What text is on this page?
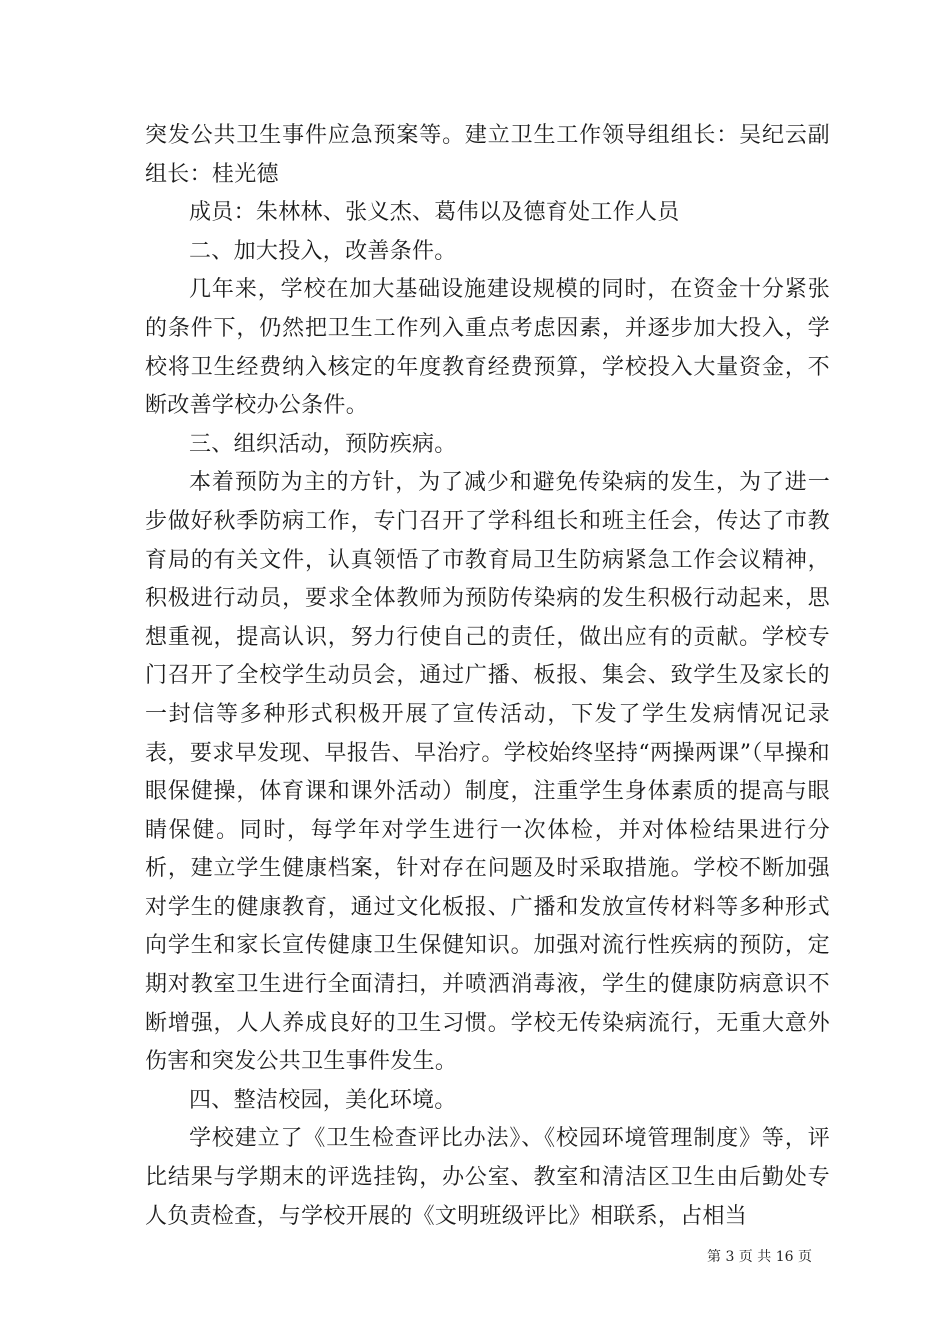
突发公共卫生事件应急预案等。建立卫生工作领导组组长：吴纪云副组长：桂光德

成员：朱林林、张义杰、葛伟以及德育处工作人员

二、加大投入，改善条件。

几年来，学校在加大基础设施建设规模的同时，在资金十分紧张的条件下，仍然把卫生工作列入重点考虑因素，并逐步加大投入，学校将卫生经费纳入核定的年度教育经费预算，学校投入大量资金，不断改善学校办公条件。

三、组织活动，预防疾病。

本着预防为主的方针，为了减少和避免传染病的发生，为了进一步做好秋季防病工作，专门召开了学科组长和班主任会，传达了市教育局的有关文件，认真领悟了市教育局卫生防病紧急工作会议精神，积极进行动员，要求全体教师为预防传染病的发生积极行动起来，思想重视，提高认识，努力行使自己的责任，做出应有的贡献。学校专门召开了全校学生动员会，通过广播、板报、集会、致学生及家长的一封信等多种形式积极开展了宣传活动，下发了学生发病情况记录表，要求早发现、早报告、早治疗。学校始终坚持“两操两课”（早操和眼保健操，体育课和课外活动）制度，注重学生身体素质的提高与眼睛保健。同时，每学年对学生进行一次体检，并对体检结果进行分析，建立学生健康档案，针对存在问题及时采取措施。学校不断加强对学生的健康教育，通过文化板报、广播和发放宣传材料等多种形式向学生和家长宣传健康卫生保健知识。加强对流行性疾病的预防，定期对教室卫生进行全面清扫，并喷洒消毒液，学生的健康防病意识不断增强，人人养成良好的卫生习惯。学校无传染病流行，无重大意外伤害和突发公共卫生事件发生。

四、整洁校园，美化环境。

学校建立了《卫生检查评比办法》、《校园环境管理制度》等，评比结果与学期末的评选挂钩，办公室、教室和清洁区卫生由后勤处专人负责检查，与学校开展的《文明班级评比》相联系，占相当

第 3 页 共 16 页
